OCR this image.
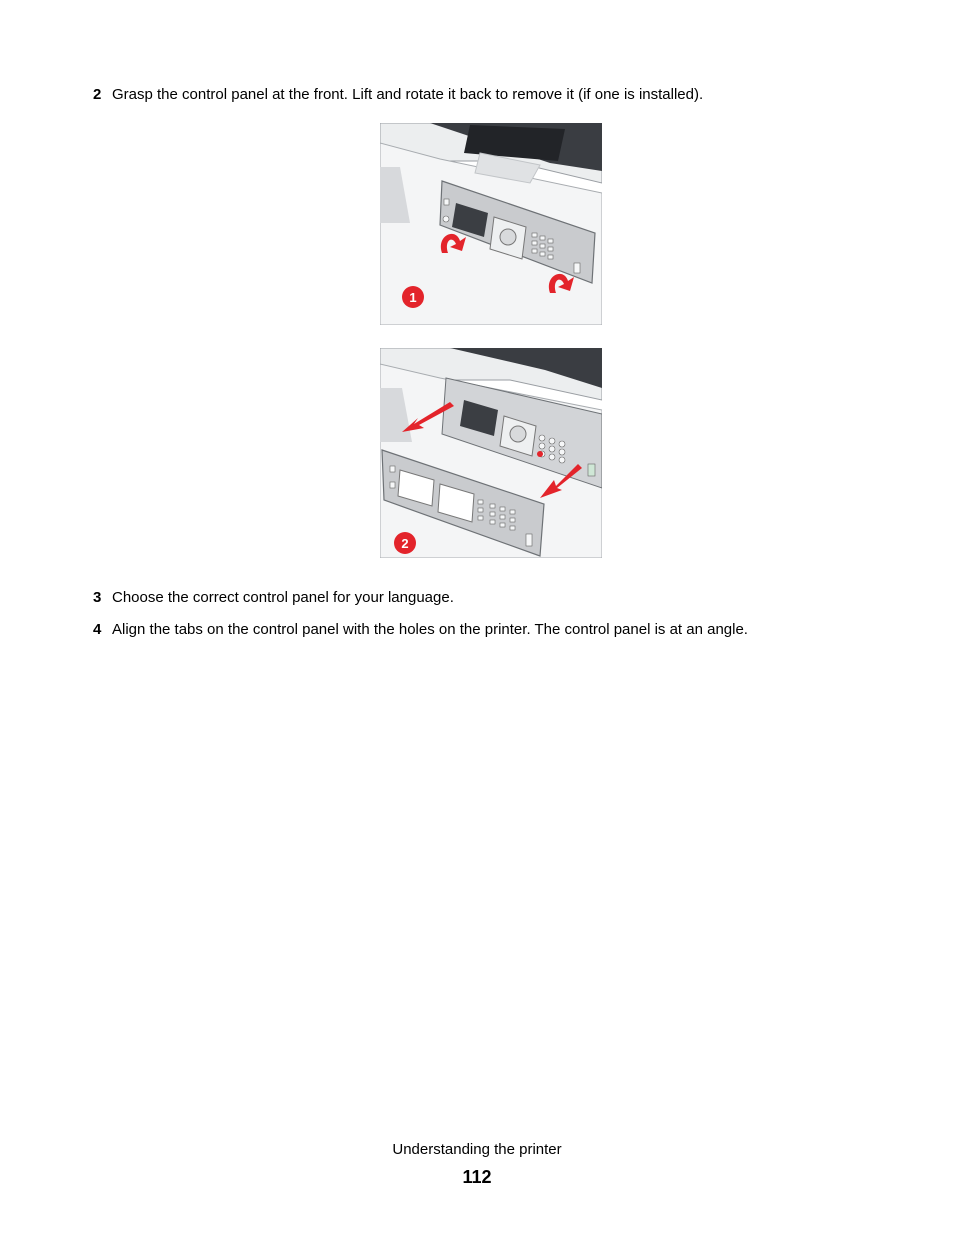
2 Grasp the control panel at the front. Lift and rotate it back to remove it (if one is installed).
1
2
3 Choose the correct control panel for your language.
4 Align the tabs on the control panel with the holes on the printer. The control panel is at an angle.
Understanding the printer
112
